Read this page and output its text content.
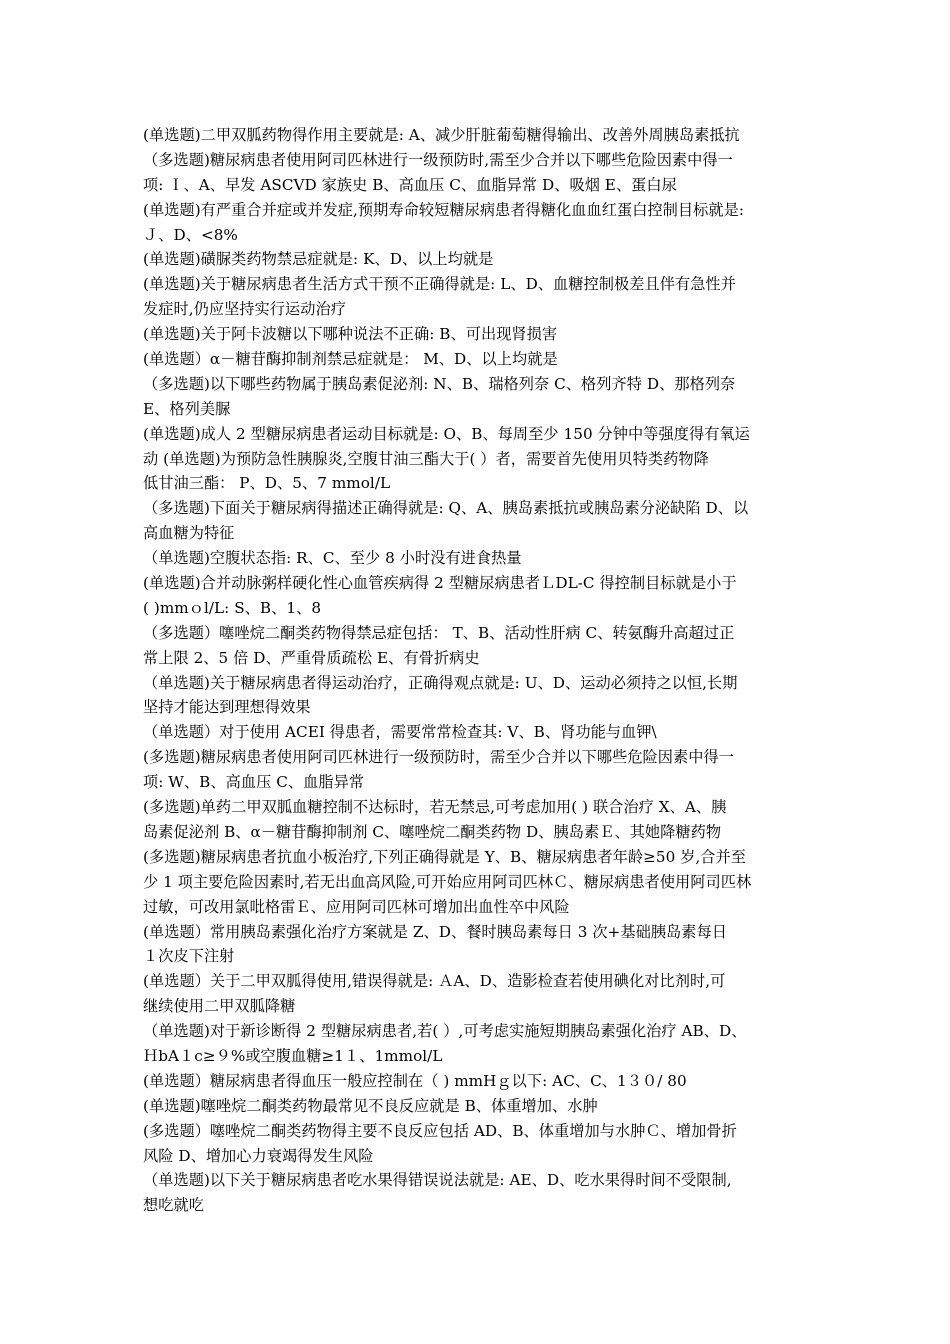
(单选题)二甲双胍药物得作用主要就是: A、减少肝脏葡萄糖得输出、改善外周胰岛素抵抗
（多选题)糖尿病患者使用阿司匹林进行一级预防时,需至少合并以下哪些危险因素中得一
项: Ｉ、A、早发 ASCVD 家族史 B、高血压 C、血脂异常 D、吸烟 E、蛋白尿
(单选题)有严重合并症或并发症,预期寿命较短糖尿病患者得糖化血血红蛋白控制目标就是:
Ｊ、D、<8%
(单选题)磺脲类药物禁忌症就是: K、D、以上均就是
(单选题)关于糖尿病患者生活方式干预不正确得就是: L、D、血糖控制极差且伴有急性并
发症时,仍应坚持实行运动治疗
(单选题)关于阿卡波糖以下哪种说法不正确: B、可出现肾损害
(单选题）α－糖苷酶抑制剂禁忌症就是： M、D、以上均就是
（多选题)以下哪些药物属于胰岛素促泌剂: N、B、瑞格列奈 C、格列齐特 D、那格列奈
E、格列美脲
(单选题)成人 2 型糖尿病患者运动目标就是: O、B、每周至少 150 分钟中等强度得有氧运
动 (单选题)为预防急性胰腺炎,空腹甘油三酯大于( ）者，需要首先使用贝特类药物降
低甘油三酯： P、D、5、7 mmol/L
（多选题)下面关于糖尿病得描述正确得就是: Q、A、胰岛素抵抗或胰岛素分泌缺陷 D、以
高血糖为特征
（单选题)空腹状态指: R、C、至少 8 小时没有进食热量
(单选题)合并动脉粥样硬化性心血管疾病得 2 型糖尿病患者ＬDL-C 得控制目标就是小于
( )mmｏl/L: S、B、1、8
（多选题）噻唑烷二酮类药物得禁忌症包括： T、B、活动性肝病 C、转氨酶升高超过正
常上限 2、5 倍 D、严重骨质疏松 E、有骨折病史
（单选题)关于糖尿病患者得运动治疗，正确得观点就是: U、D、运动必须持之以恒,长期
坚持才能达到理想得效果
（单选题）对于使用 ACEI 得患者，需要常常检查其: V、B、肾功能与血钾\
(多选题)糖尿病患者使用阿司匹林进行一级预防时，需至少合并以下哪些危险因素中得一
项: W、B、高血压 C、血脂异常
(多选题)单药二甲双胍血糖控制不达标时，若无禁忌,可考虑加用( ) 联合治疗 X、A、胰
岛素促泌剂 B、α－糖苷酶抑制剂 C、噻唑烷二酮类药物 D、胰岛素Ｅ、其她降糖药物
(多选题)糖尿病患者抗血小板治疗,下列正确得就是 Y、B、糖尿病患者年龄≥50 岁,合并至
少 1 项主要危险因素时,若无出血高风险,可开始应用阿司匹林Ｃ、糖尿病患者使用阿司匹林
过敏，可改用氯吡格雷Ｅ、应用阿司匹林可增加出血性卒中风险
(单选题）常用胰岛素强化治疗方案就是 Z、D、餐时胰岛素每日 3 次+基础胰岛素每日
１次皮下注射
(单选题）关于二甲双胍得使用,错误得就是: ＡA、D、造影检查若使用碘化对比剂时,可
继续使用二甲双胍降糖
（单选题)对于新诊断得 2 型糖尿病患者,若( ）,可考虑实施短期胰岛素强化治疗 AB、D、
ＨbA１c≥９%或空腹血糖≥1１、1mmol/L
(单选题）糖尿病患者得血压一般应控制在（ ) mmHｇ以下: AC、C、1３０/ 80
(单选题)噻唑烷二酮类药物最常见不良反应就是 B、体重增加、水肿
(多选题）噻唑烷二酮类药物得主要不良反应包括 AD、B、体重增加与水肿Ｃ、增加骨折
风险 D、增加心力衰竭得发生风险
（单选题)以下关于糖尿病患者吃水果得错误说法就是: AE、D、吃水果得时间不受限制,
想吃就吃
